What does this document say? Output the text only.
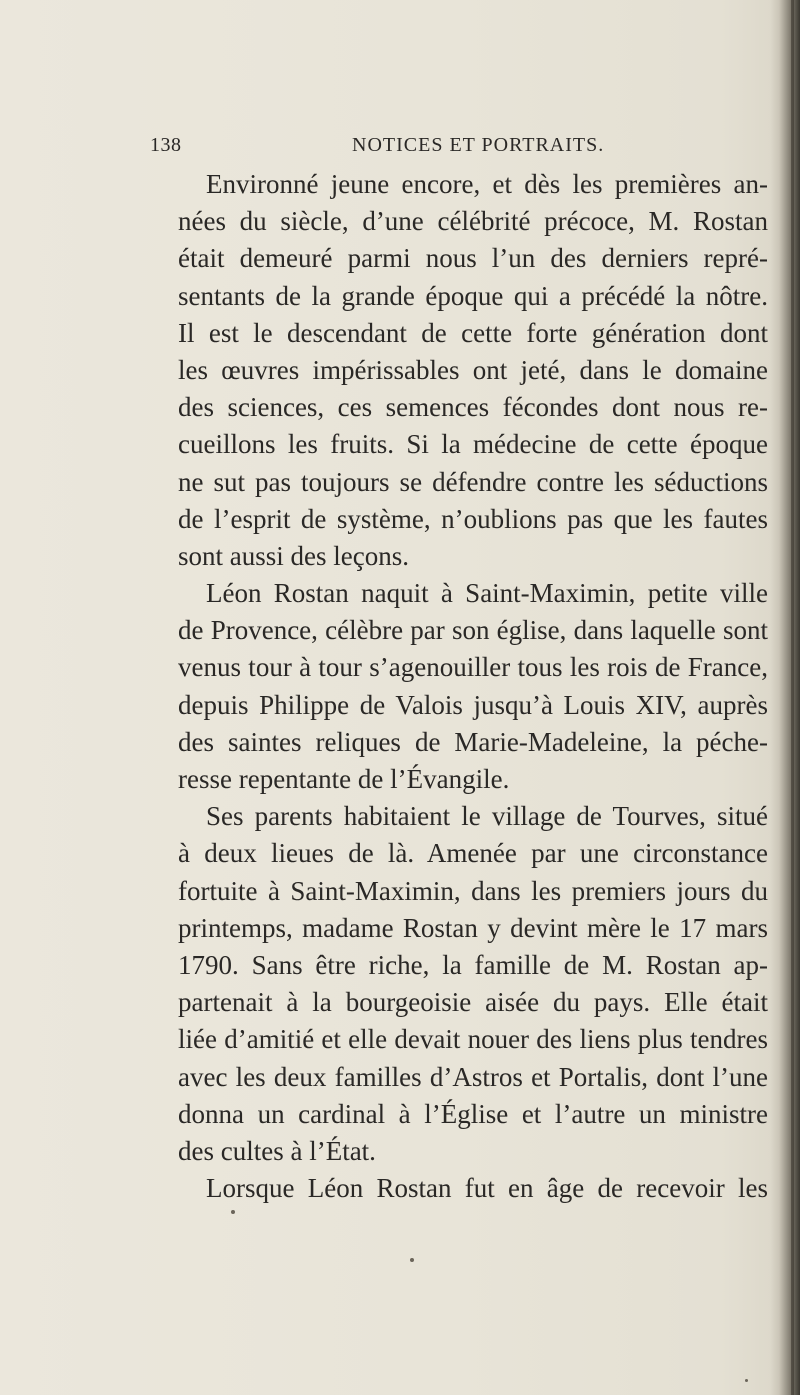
138	NOTICES ET PORTRAITS.
Environné jeune encore, et dès les premières an-
nées du siècle, d’une célébrité précoce, M. Rostan
était demeuré parmi nous l’un des derniers repré-
sentants de la grande époque qui a précédé la nôtre.
Il est le descendant de cette forte génération dont
les œuvres impérissables ont jeté, dans le domaine
des sciences, ces semences fécondes dont nous re-
cueillons les fruits. Si la médecine de cette époque
ne sut pas toujours se défendre contre les séductions
de l’esprit de système, n’oublions pas que les fautes
sont aussi des leçons.
Léon Rostan naquit à Saint-Maximin, petite ville
de Provence, célèbre par son église, dans laquelle sont
venus tour à tour s’agenouiller tous les rois de France,
depuis Philippe de Valois jusqu’à Louis XIV, auprès
des saintes reliques de Marie-Madeleine, la péche-
resse repentante de l’Évangile.
Ses parents habitaient le village de Tourves, situé
à deux lieues de là. Amenée par une circonstance
fortuite à Saint-Maximin, dans les premiers jours du
printemps, madame Rostan y devint mère le 17 mars
1790. Sans être riche, la famille de M. Rostan ap-
partenait à la bourgeoisie aisée du pays. Elle était
liée d’amitié et elle devait nouer des liens plus tendres
avec les deux familles d’Astros et Portalis, dont l’une
donna un cardinal à l’Église et l’autre un ministre
des cultes à l’État.
Lorsque Léon Rostan fut en âge de recevoir les
